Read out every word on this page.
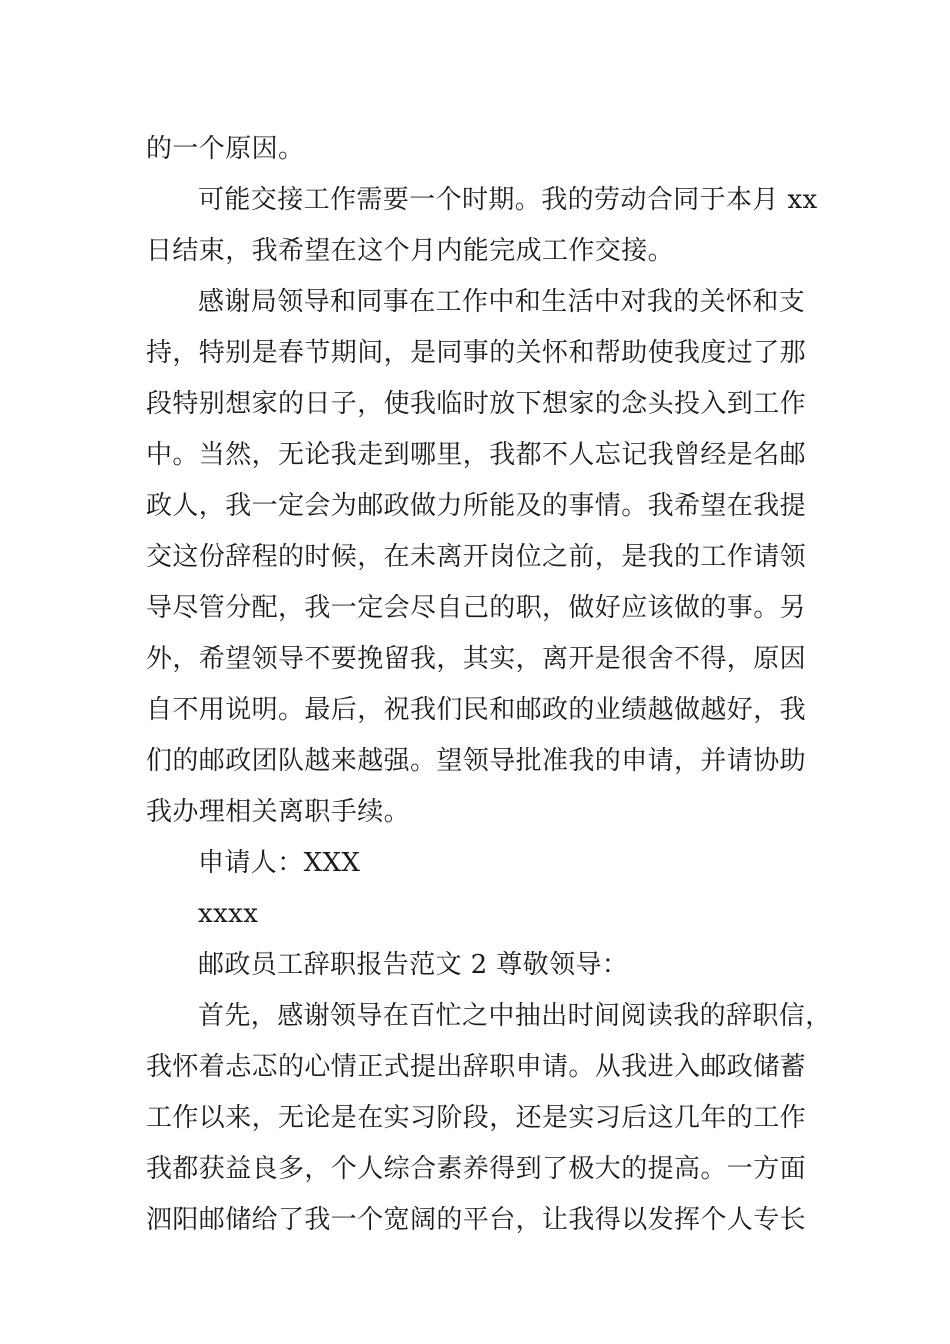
的一个原因。
可能交接工作需要一个时期。我的劳动合同于本月 xx
日结束，我希望在这个月内能完成工作交接。
感谢局领导和同事在工作中和生活中对我的关怀和支
持，特别是春节期间，是同事的关怀和帮助使我度过了那
段特别想家的日子，使我临时放下想家的念头投入到工作
中。当然，无论我走到哪里，我都不人忘记我曾经是名邮
政人，我一定会为邮政做力所能及的事情。我希望在我提
交这份辞程的时候，在未离开岗位之前，是我的工作请领
导尽管分配，我一定会尽自己的职，做好应该做的事。另
外，希望领导不要挽留我，其实，离开是很舍不得，原因
自不用说明。最后，祝我们民和邮政的业绩越做越好，我
们的邮政团队越来越强。望领导批准我的申请，并请协助
我办理相关离职手续。
申请人：XXX
xxxx
邮政员工辞职报告范文 2 尊敬领导：
首先，感谢领导在百忙之中抽出时间阅读我的辞职信，
我怀着忐忑的心情正式提出辞职申请。从我进入邮政储蓄
工作以来，无论是在实习阶段，还是实习后这几年的工作
我都获益良多，个人综合素养得到了极大的提高。一方面
泗阳邮储给了我一个宽阔的平台，让我得以发挥个人专长
